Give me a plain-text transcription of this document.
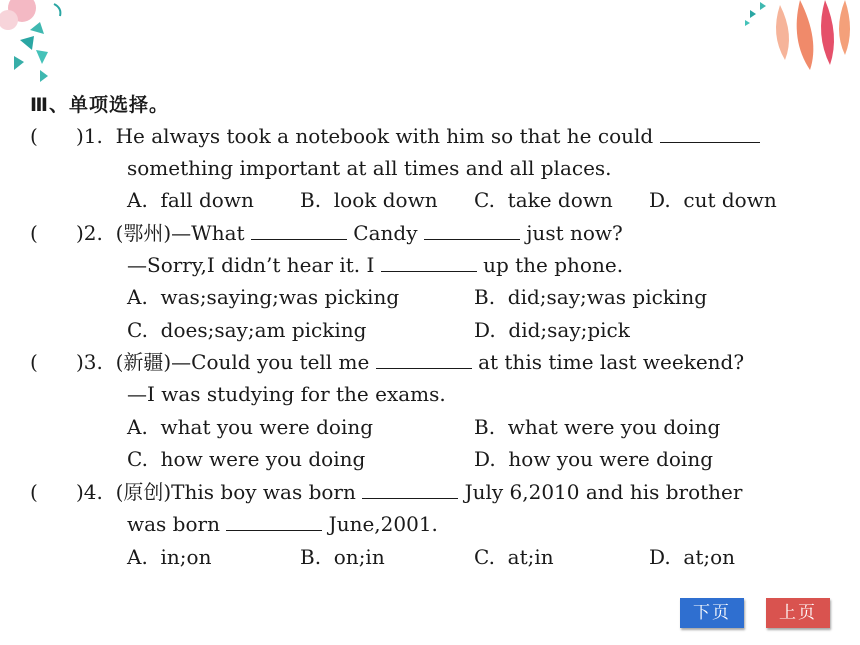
Ⅲ、单项选择。
(      )1. He always took a notebook with him so that he could
something important at all times and all places.
A.  fall down B.  look down C.  take down D.  cut down
(      )2. (鄂州)—What	Candy	just now?
—Sorry,I didn’t hear it. I	up the phone.
A.  was;saying;was picking	B.  did;say;was picking
C.  does;say;am picking	D.  did;say;pick
(      )3. (新疆)—Could you tell me	at this time last weekend?
—I was studying for the exams.
A.  what you were doing	B.  what were you doing
C.  how were you doing	D.  how you were doing
(      )4. (原创)This boy was born	July 6,2010 and his brother
was born	June,2001.
A.  in;on	B.  on;in	C.  at;in	D.  at;on
下页	上页
